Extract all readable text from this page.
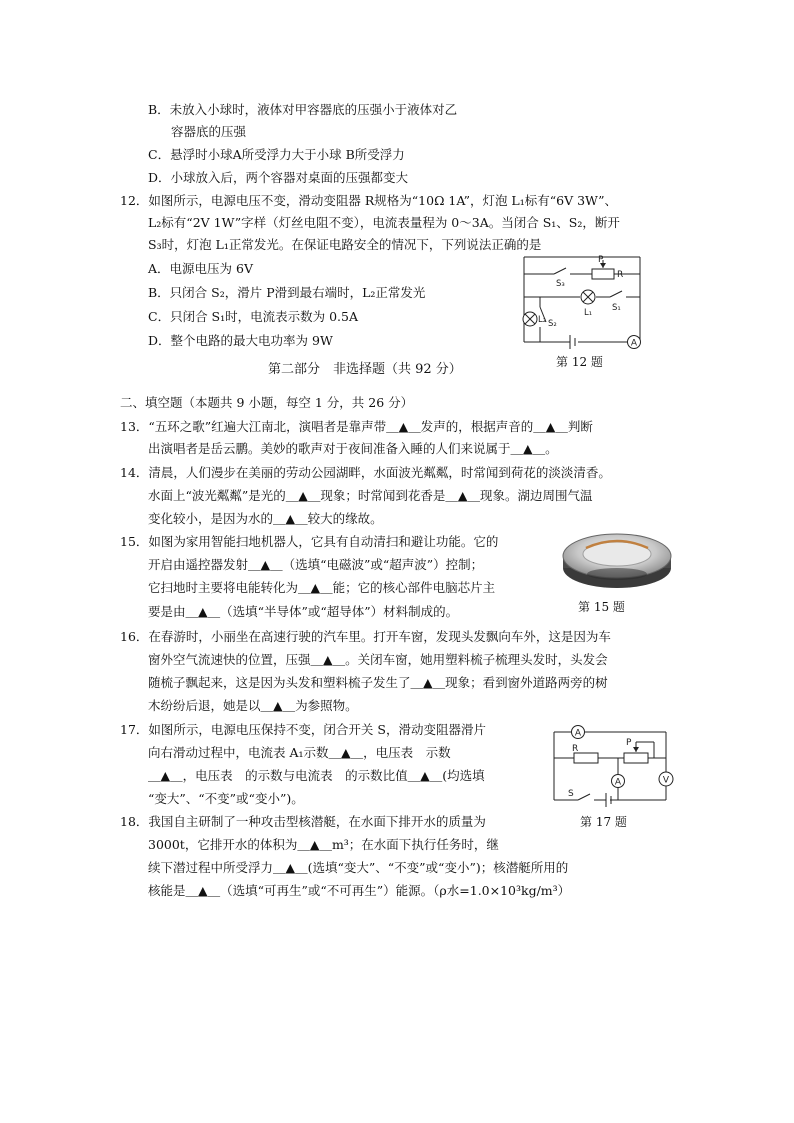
B．未放入小球时，液体对甲容器底的压强小于液体对乙
容器底的压强
C．悬浮时小球A所受浮力大于小球 B所受浮力
D．小球放入后，两个容器对桌面的压强都变大
12．如图所示，电源电压不变，滑动变阻器 R规格为“10Ω 1A”，灯泡 L₁标有“6V 3W”、
L₂标有“2V 1W”字样（灯丝电阻不变），电流表量程为 0～3A。当闭合 S₁、S₂，断开
S₃时，灯泡 L₁正常发光。在保证电路安全的情况下，下列说法正确的是
A．电源电压为 6V
B．只闭合 S₂，滑片 P滑到最右端时，L₂正常发光
C．只闭合 S₁时，电流表示数为 0.5A
D．整个电路的最大电功率为 9W	A
P
R
S₃
L₁ S₁
L₂ S₂
第 12 题
第二部分　非选择题（共 92 分）
二、填空题（本题共 9 小题，每空 1 分，共 26 分）
13．“五环之歌”红遍大江南北，演唱者是靠声带＿▲＿发声的，根据声音的＿▲＿判断
出演唱者是岳云鹏。美妙的歌声对于夜间准备入睡的人们来说属于＿▲＿。
14．清晨，人们漫步在美丽的劳动公园湖畔，水面波光粼粼，时常闻到荷花的淡淡清香。
水面上“波光粼粼”是光的＿▲＿现象；时常闻到花香是＿▲＿现象。湖边周围气温
变化较小，是因为水的＿▲＿较大的缘故。
15．如图为家用智能扫地机器人，它具有自动清扫和避让功能。它的
开启由遥控器发射＿▲＿（选填“电磁波”或“超声波”）控制；
它扫地时主要将电能转化为＿▲＿能；它的核心部件电脑芯片主
要是由＿▲＿（选填“半导体”或“超导体”）材料制成的。	第 15 题
16．在春游时，小丽坐在高速行驶的汽车里。打开车窗，发现头发飘向车外，这是因为车
窗外空气流速快的位置，压强＿▲＿。关闭车窗，她用塑料梳子梳理头发时，头发会
随梳子飘起来，这是因为头发和塑料梳子发生了＿▲＿现象；看到窗外道路两旁的树
木纷纷后退，她是以＿▲＿为参照物。
17．如图所示，电源电压保持不变，闭合开关 S，滑动变阻器滑片
向右滑动过程中，电流表 A₁示数＿▲＿，电压表　示数
＿▲＿，电压表　的示数与电流表　的示数比值＿▲＿(均选填
“变大”、“不变”或“变小”)。
A
A	V
R
P
S
第 17 题
18．我国自主研制了一种攻击型核潜艇，在水面下排开水的质量为
3000t，它排开水的体积为＿▲＿m³；在水面下执行任务时，继
续下潜过程中所受浮力＿▲＿(选填“变大”、“不变”或“变小”)；核潜艇所用的
核能是＿▲＿（选填“可再生”或“不可再生”）能源。（ρ水=1.0×10³kg/m³）
